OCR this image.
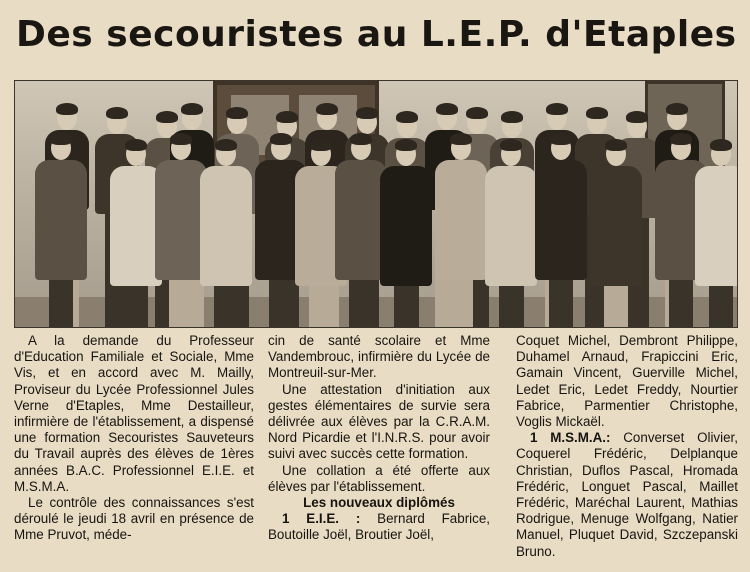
Des secouristes au L.E.P. d'Etaples

A la demande du Professeur d'Education Familiale et Sociale, Mme Vis, et en accord avec M. Mailly, Proviseur du Lycée Professionnel Jules Verne d'Etaples, Mme Destailleur, infirmière de l'établissement, a dispensé une formation Secouristes Sauveteurs du Travail auprès des élèves de 1ères années B.A.C. Professionnel E.I.E. et M.S.M.A.

Le contrôle des connaissances s'est déroulé le jeudi 18 avril en présence de Mme Pruvot, méde-

cin de santé scolaire et Mme Vandembrouc, infirmière du Lycée de Montreuil-sur-Mer.

Une attestation d'initiation aux gestes élémentaires de survie sera délivrée aux élèves par la C.R.A.M. Nord Picardie et l'I.N.R.S. pour avoir suivi avec succès cette formation.

Une collation a été offerte aux élèves par l'établissement.

Les nouveaux diplômés

1 E.I.E. : Bernard Fabrice, Boutoille Joël, Broutier Joël,

Coquet Michel, Dembront Philippe, Duhamel Arnaud, Frapiccini Eric, Gamain Vincent, Guerville Michel, Ledet Eric, Ledet Freddy, Nourtier Fabrice, Parmentier Christophe, Voglis Mickaël.

1 M.S.M.A.: Converset Olivier, Coquerel Frédéric, Delplanque Christian, Duflos Pascal, Hromada Frédéric, Longuet Pascal, Maillet Frédéric, Maréchal Laurent, Mathias Rodrigue, Menuge Wolfgang, Natier Manuel, Pluquet David, Szczepanski Bruno.
